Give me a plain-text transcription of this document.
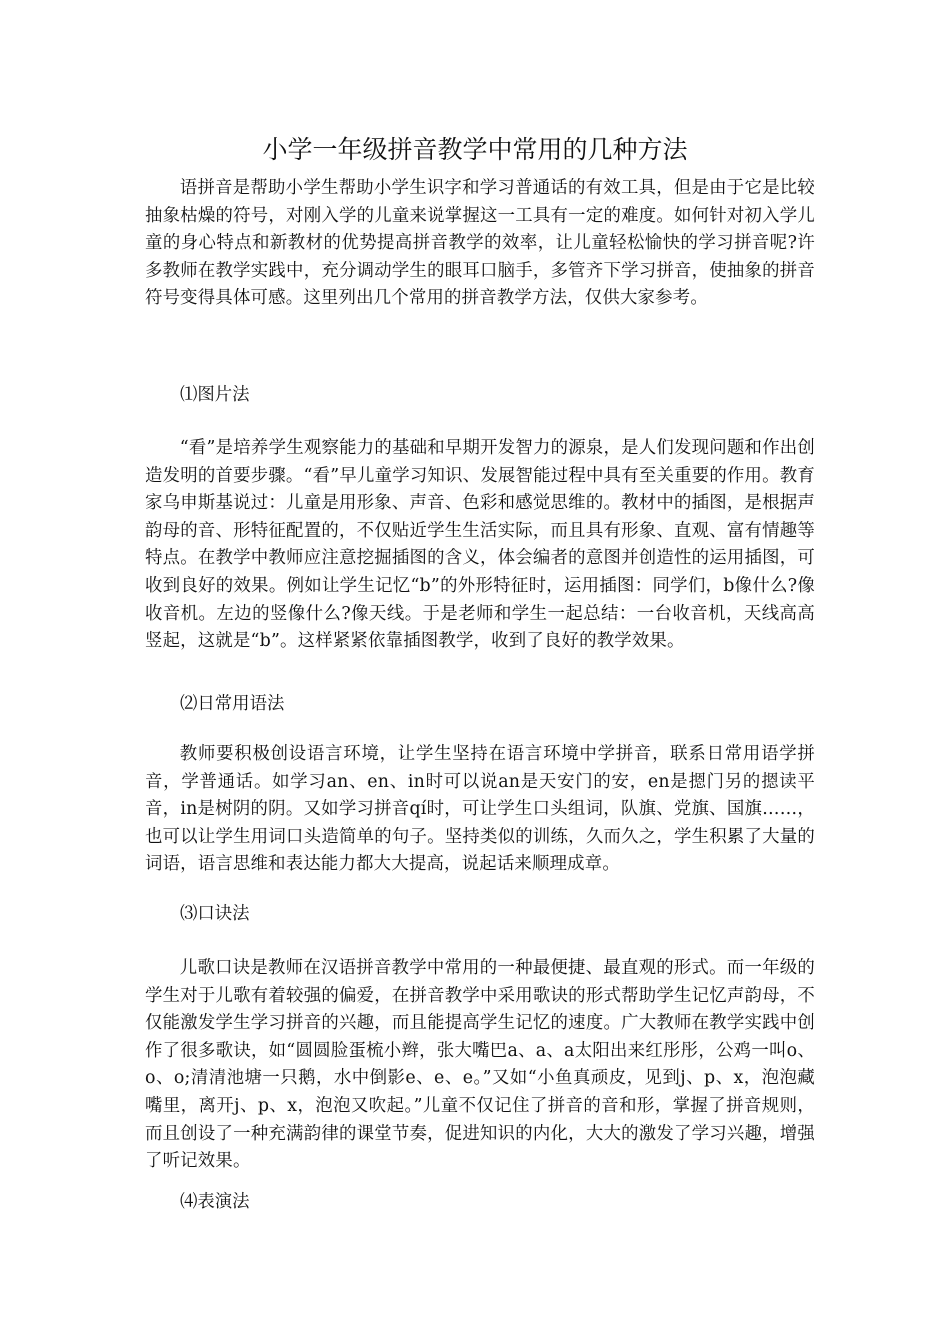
小学一年级拼音教学中常用的几种方法

语拼音是帮助小学生帮助小学生识字和学习普通话的有效工具，但是由于它是比较抽象枯燥的符号，对刚入学的儿童来说掌握这一工具有一定的难度。如何针对初入学儿童的身心特点和新教材的优势提高拼音教学的效率，让儿童轻松愉快的学习拼音呢?许多教师在教学实践中，充分调动学生的眼耳口脑手，多管齐下学习拼音，使抽象的拼音符号变得具体可感。这里列出几个常用的拼音教学方法，仅供大家参考。

⑴图片法

“看”是培养学生观察能力的基础和早期开发智力的源泉，是人们发现问题和作出创造发明的首要步骤。“看”早儿童学习知识、发展智能过程中具有至关重要的作用。教育家乌申斯基说过：儿童是用形象、声音、色彩和感觉思维的。教材中的插图，是根据声韵母的音、形特征配置的，不仅贴近学生生活实际，而且具有形象、直观、富有情趣等特点。在教学中教师应注意挖掘插图的含义，体会编者的意图并创造性的运用插图，可收到良好的效果。例如让学生记忆“b”的外形特征时，运用插图：同学们，b像什么?像收音机。左边的竖像什么?像天线。于是老师和学生一起总结：一台收音机，天线高高竖起，这就是“b”。这样紧紧依靠插图教学，收到了良好的教学效果。

⑵日常用语法

教师要积极创设语言环境，让学生坚持在语言环境中学拼音，联系日常用语学拼音，学普通话。如学习an、en、in时可以说an是天安门的安，en是摁门另的摁读平音，in是树阴的阴。又如学习拼音qí时，可让学生口头组词，队旗、党旗、国旗……，也可以让学生用词口头造简单的句子。坚持类似的训练，久而久之，学生积累了大量的词语，语言思维和表达能力都大大提高，说起话来顺理成章。

⑶口诀法

儿歌口诀是教师在汉语拼音教学中常用的一种最便捷、最直观的形式。而一年级的学生对于儿歌有着较强的偏爱，在拼音教学中采用歌诀的形式帮助学生记忆声韵母，不仅能激发学生学习拼音的兴趣，而且能提高学生记忆的速度。广大教师在教学实践中创作了很多歌诀，如“圆圆脸蛋梳小辫，张大嘴巴a、a、a太阳出来红彤彤，公鸡一叫o、o、o;清清池塘一只鹅，水中倒影e、e、e。”又如“小鱼真顽皮，见到j、p、x，泡泡藏嘴里，离开j、p、x，泡泡又吹起。”儿童不仅记住了拼音的音和形，掌握了拼音规则，而且创设了一种充满韵律的课堂节奏，促进知识的内化，大大的激发了学习兴趣，增强了听记效果。

⑷表演法
